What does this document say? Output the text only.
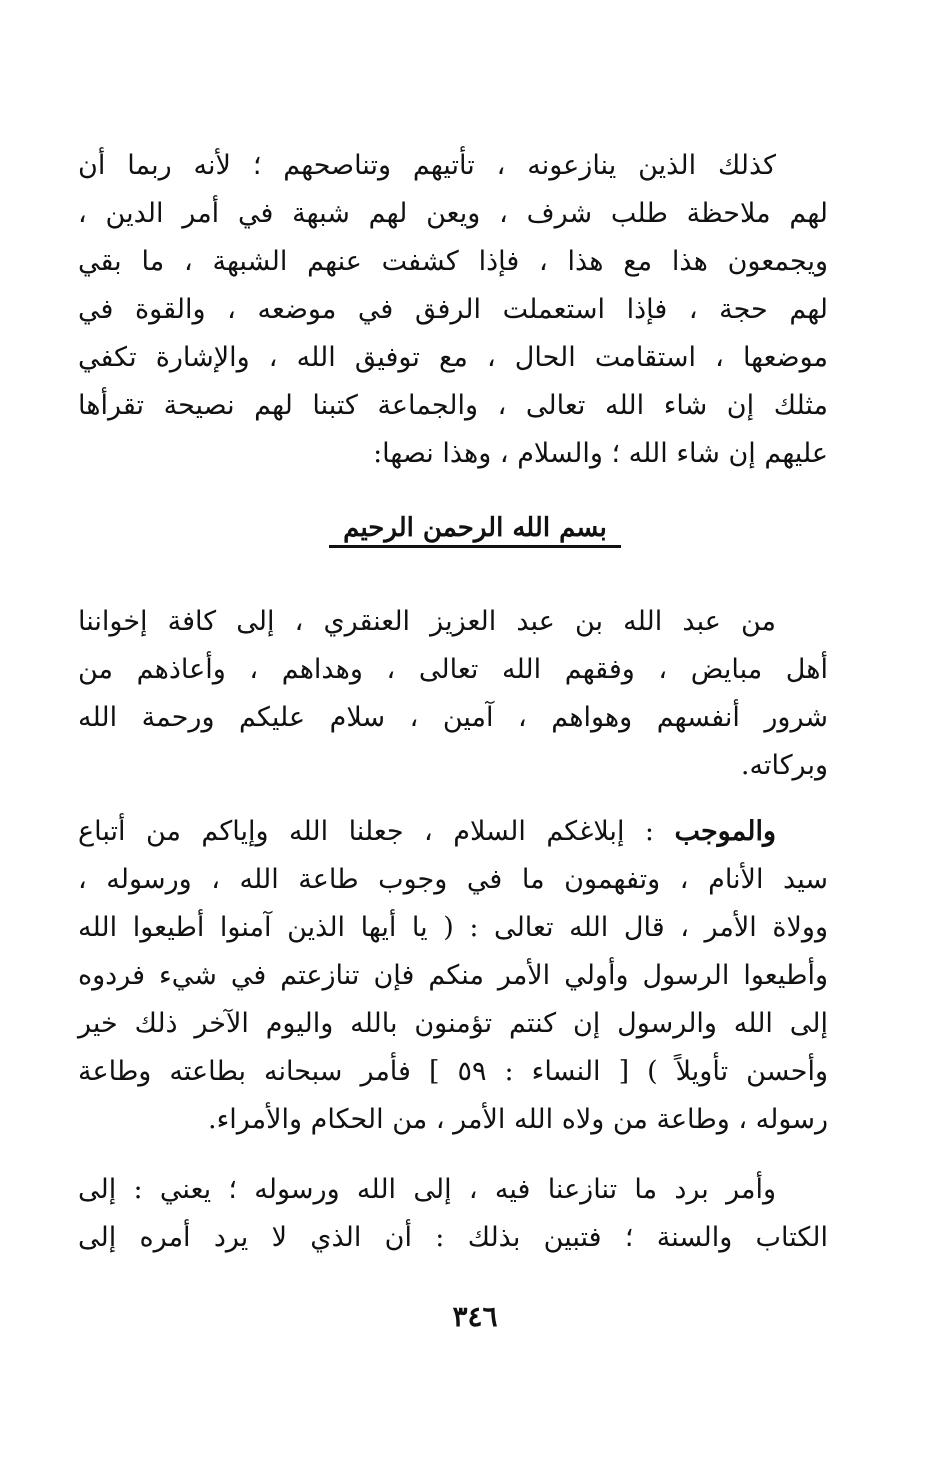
كذلك الذين ينازعونه ، تأتيهم وتناصحهم ؛ لأنه ربما أن
لهم ملاحظة طلب شرف ، ويعن لهم شبهة في أمر الدين ،
ويجمعون هذا مع هذا ، فإذا كشفت عنهم الشبهة ، ما بقي
لهم حجة ، فإذا استعملت الرفق في موضعه ، والقوة في
موضعها ، استقامت الحال ، مع توفيق الله ، والإشارة تكفي
مثلك إن شاء الله تعالى ، والجماعة كتبنا لهم نصيحة تقرأها
عليهم إن شاء الله ؛ والسلام ، وهذا نصها:
بسم الله الرحمن الرحيم
من عبد الله بن عبد العزيز العنقري ، إلى كافة إخواننا
أهل مبايض ، وفقهم الله تعالى ، وهداهم ، وأعاذهم من
شرور أنفسهم وهواهم ، آمين ، سلام عليكم ورحمة الله
وبركاته.
والموجب : إبلاغكم السلام ، جعلنا الله وإياكم من أتباع
سيد الأنام ، وتفهمون ما في وجوب طاعة الله ، ورسوله ،
وولاة الأمر ، قال الله تعالى : ( يا أيها الذين آمنوا أطيعوا الله
وأطيعوا الرسول وأولي الأمر منكم فإن تنازعتم في شيء فردوه
إلى الله والرسول إن كنتم تؤمنون بالله واليوم الآخر ذلك خير
وأحسن تأويلاً ) [ النساء : ٥٩ ] فأمر سبحانه بطاعته وطاعة
رسوله ، وطاعة من ولاه الله الأمر ، من الحكام والأمراء.
وأمر برد ما تنازعنا فيه ، إلى الله ورسوله ؛ يعني : إلى
الكتاب والسنة ؛ فتبين بذلك : أن الذي لا يرد أمره إلى
٣٤٦
